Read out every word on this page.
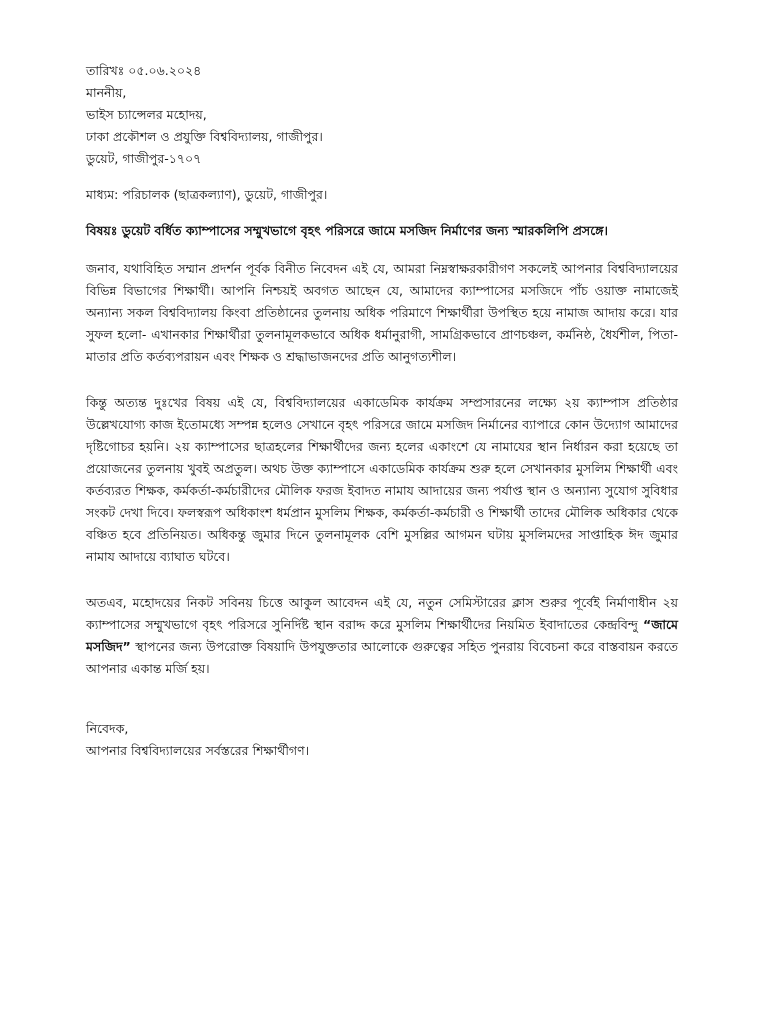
তারিখঃ ০৫.০৬.২০২৪
মাননীয়,
ভাইস চ্যান্সেলর মহোদয়,
ঢাকা প্রকৌশল ও প্রযুক্তি বিশ্ববিদ্যালয়, গাজীপুর।
ডুয়েট, গাজীপুর-১৭০৭
মাধ্যম: পরিচালক (ছাত্রকল্যাণ), ডুয়েট, গাজীপুর।
বিষয়ঃ ডুয়েট বর্ধিত ক্যাম্পাসের সম্মুখভাগে বৃহৎ পরিসরে জামে মসজিদ নির্মাণের জন্য স্মারকলিপি প্রসঙ্গে।

জনাব, যথাবিহিত সম্মান প্রদর্শন পূর্বক বিনীত নিবেদন এই যে, আমরা নিম্নস্বাক্ষরকারীগণ সকলেই আপনার বিশ্ববিদ্যালয়ের বিভিন্ন বিভাগের শিক্ষার্থী। আপনি নিশ্চয়ই অবগত আছেন যে, আমাদের ক্যাম্পাসের মসজিদে পাঁচ ওয়াক্ত নামাজেই অন্যান্য সকল বিশ্ববিদ্যালয় কিংবা প্রতিষ্ঠানের তুলনায় অধিক পরিমাণে শিক্ষার্থীরা উপস্থিত হয়ে নামাজ আদায় করে। যার সুফল হলো- এখানকার শিক্ষার্থীরা তুলনামূলকভাবে অধিক ধর্মানুরাগী, সামগ্রিকভাবে প্রাণচঞ্চল, কর্মনিষ্ঠ, ধৈর্যশীল, পিতা-মাতার প্রতি কর্তব্যপরায়ন এবং শিক্ষক ও শ্রদ্ধাভাজনদের প্রতি আনুগত্যশীল।

কিন্তু অত্যন্ত দুঃখের বিষয় এই যে, বিশ্ববিদ্যালয়ের একাডেমিক কার্যক্রম সম্প্রসারনের লক্ষ্যে ২য় ক্যাম্পাস প্রতিষ্ঠার উল্লেখযোগ্য কাজ ইতোমধ্যে সম্পন্ন হলেও সেখানে বৃহৎ পরিসরে জামে মসজিদ নির্মানের ব্যাপারে কোন উদ্যোগ আমাদের দৃষ্টিগোচর হয়নি। ২য় ক্যাম্পাসের ছাত্রহলের শিক্ষার্থীদের জন্য হলের একাংশে যে নামাযের স্থান নির্ধারন করা হয়েছে তা প্রয়োজনের তুলনায় খুবই অপ্রতুল। অথচ উক্ত ক্যাম্পাসে একাডেমিক কার্যক্রম শুরু হলে সেখানকার মুসলিম শিক্ষার্থী এবং কর্তব্যরত শিক্ষক, কর্মকর্তা-কর্মচারীদের মৌলিক ফরজ ইবাদত নামায আদায়ের জন্য পর্যাপ্ত স্থান ও অন্যান্য সুযোগ সুবিধার সংকট দেখা দিবে। ফলস্বরূপ অধিকাংশ ধর্মপ্রান মুসলিম শিক্ষক, কর্মকর্তা-কর্মচারী ও শিক্ষার্থী তাদের মৌলিক অধিকার থেকে বঞ্চিত হবে প্রতিনিয়ত। অধিকন্তু জুমার দিনে তুলনামূলক বেশি মুসল্লির আগমন ঘটায় মুসলিমদের সাপ্তাহিক ঈদ জুমার নামায আদায়ে ব্যাঘাত ঘটবে।

অতএব, মহোদয়ের নিকট সবিনয় চিত্তে আকুল আবেদন এই যে, নতুন সেমিস্টারের ক্লাস শুরুর পূর্বেই নির্মাণাধীন ২য় ক্যাম্পাসের সম্মুখভাগে বৃহৎ পরিসরে সুনির্দিষ্ট স্থান বরাদ্দ করে মুসলিম শিক্ষার্থীদের নিয়মিত ইবাদাতের কেন্দ্রবিন্দু “জামে মসজিদ” স্থাপনের জন্য উপরোক্ত বিষয়াদি উপযুক্ততার আলোকে গুরুত্বের সহিত পুনরায় বিবেচনা করে বাস্তবায়ন করতে আপনার একান্ত মর্জি হয়।

নিবেদক,
আপনার বিশ্ববিদ্যালয়ের সর্বস্তরের শিক্ষার্থীগণ।
